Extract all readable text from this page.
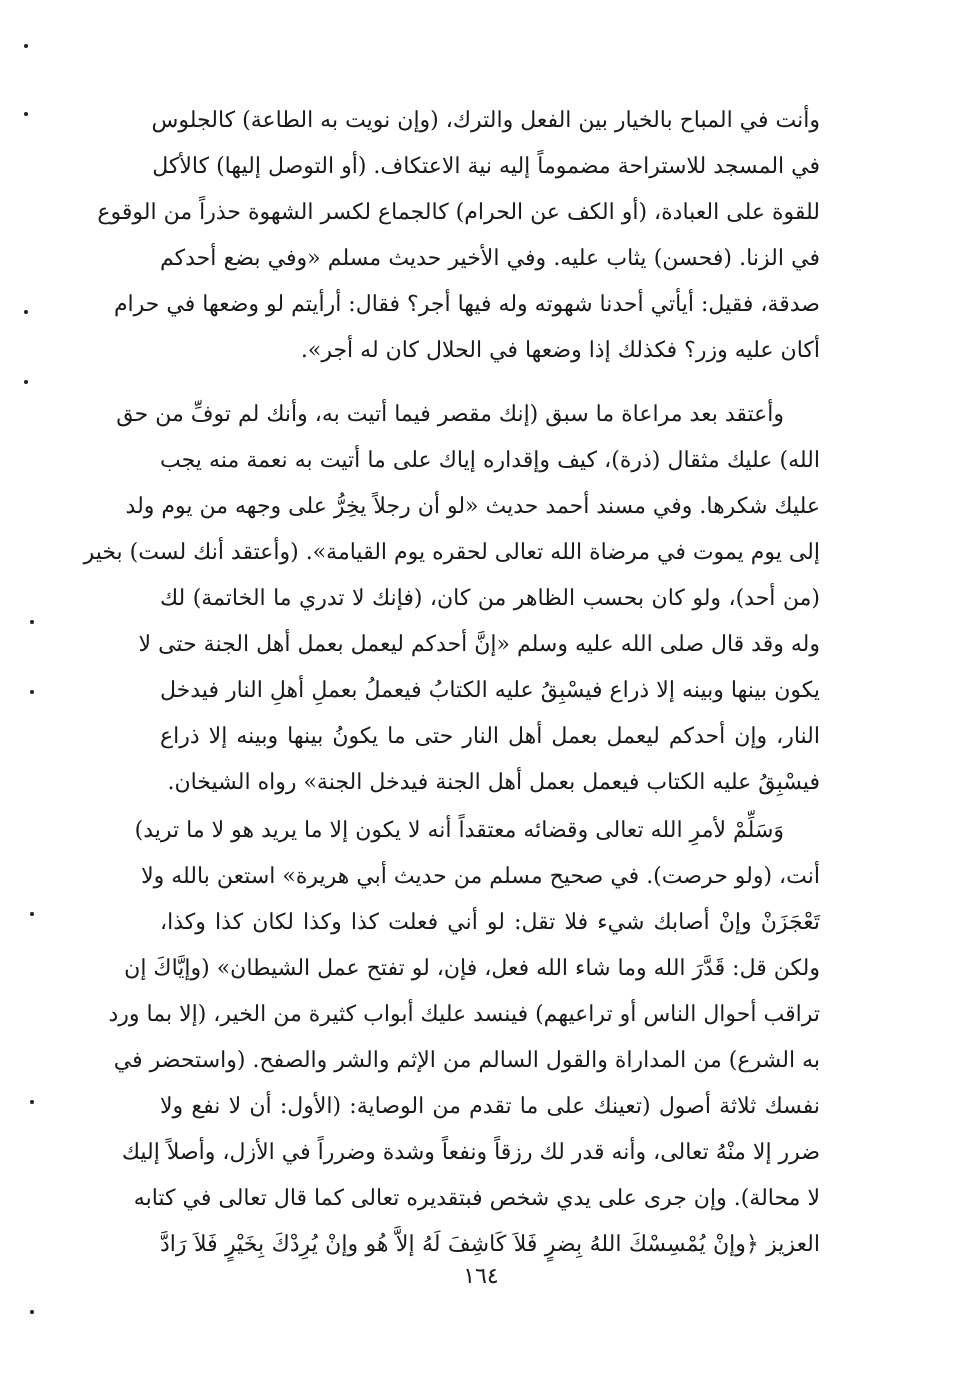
وأنت في المباح بالخيار بين الفعل والترك، (وإن نويت به الطاعة) كالجلوس
في المسجد للاستراحة مضموماً إليه نية الاعتكاف. (أو التوصل إليها) كالأكل
للقوة على العبادة، (أو الكف عن الحرام) كالجماع لكسر الشهوة حذراً من الوقوع
في الزنا. (فحسن) يثاب عليه. وفي الأخير حديث مسلم «وفي بضع أحدكم
صدقة، فقيل: أيأتي أحدنا شهوته وله فيها أجر؟ فقال: أرأيتم لو وضعها في حرام
أكان عليه وزر؟ فكذلك إذا وضعها في الحلال كان له أجر».
وأعتقد بعد مراعاة ما سبق (إنك مقصر فيما أتيت به، وأنك لم توفِّ من حق
الله) عليك مثقال (ذرة)، كيف وإقداره إياك على ما أتيت به نعمة منه يجب
عليك شكرها. وفي مسند أحمد حديث «لو أن رجلاً يخِرُّ على وجهه من يوم ولد
إلى يوم يموت في مرضاة الله تعالى لحقره يوم القيامة». (وأعتقد أنك لست) بخير
(من أحد)، ولو كان بحسب الظاهر من كان، (فإنك لا تدري ما الخاتمة) لك
وله وقد قال صلى الله عليه وسلم «إنَّ أحدكم ليعمل بعمل أهل الجنة حتى لا
يكون بينها وبينه إلا ذراع فيسْبِقُ عليه الكتابُ فيعملُ بعملِ أهلِ النار فيدخل
النار، وإن أحدكم ليعمل بعمل أهل النار حتى ما يكونُ بينها وبينه إلا ذراع
فيسْبِقُ عليه الكتاب فيعمل بعمل أهل الجنة فيدخل الجنة» رواه الشيخان.
وَسَلِّمْ لأمرِ الله تعالى وقضائه معتقداً أنه لا يكون إلا ما يريد هو لا ما تريد)
أنت، (ولو حرصت). في صحيح مسلم من حديث أبي هريرة» استعن بالله ولا
تَعْجَزَنْ وإنْ أصابك شيء فلا تقل: لو أني فعلت كذا وكذا لكان كذا وكذا،
ولكن قل: قَدَّرَ الله وما شاء الله فعل، فإن، لو تفتح عمل الشيطان» (وإيَّاكَ إن
تراقب أحوال الناس أو تراعيهم) فينسد عليك أبواب كثيرة من الخير، (إلا بما ورد
به الشرع) من المداراة والقول السالم من الإثم والشر والصفح. (واستحضر في
نفسك ثلاثة أصول (تعينك على ما تقدم من الوصاية: (الأول: أن لا نفع ولا
ضرر إلا منْهُ تعالى، وأنه قدر لك رزقاً ونفعاً وشدة وضرراً في الأزل، وأصلاً إليك
لا محالة). وإن جرى على يدي شخص فبتقديره تعالى كما قال تعالى في كتابه
العزيز ﴿وإنْ يُمْسِسْكَ اللهُ بِضرٍ فَلاَ كَاشِفَ لَهُ إلاَّ هُو وإنْ يُرِدْكَ بِخَيْرٍ فَلاَ رَادَّ
١٦٤
